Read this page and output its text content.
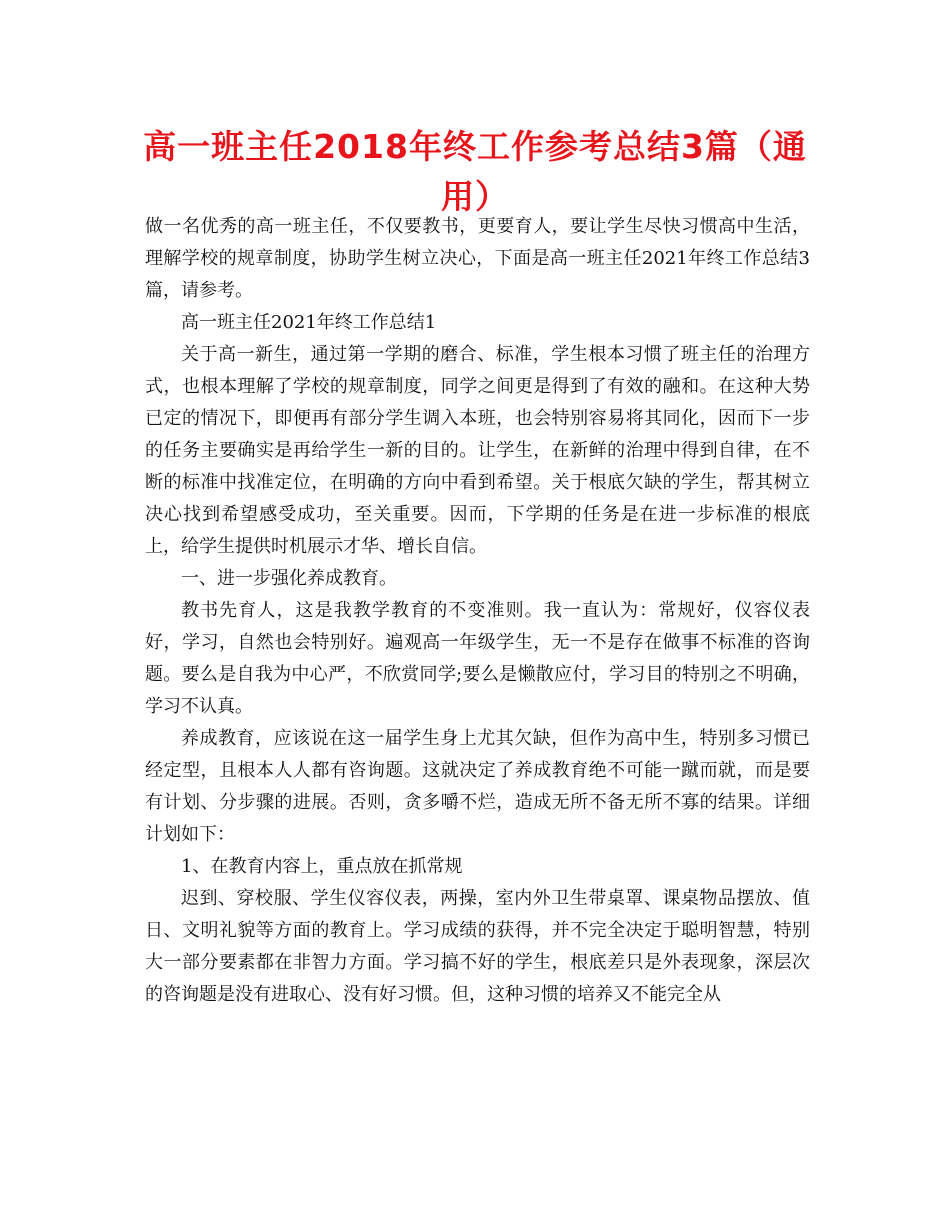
高一班主任2018年终工作参考总结3篇（通用）

做一名优秀的高一班主任，不仅要教书，更要育人，要让学生尽快习惯高中生活，理解学校的规章制度，协助学生树立决心，下面是高一班主任2021年终工作总结3篇，请参考。

高一班主任2021年终工作总结1

关于高一新生，通过第一学期的磨合、标准，学生根本习惯了班主任的治理方式，也根本理解了学校的规章制度，同学之间更是得到了有效的融和。在这种大势已定的情况下，即便再有部分学生调入本班，也会特别容易将其同化，因而下一步的任务主要确实是再给学生一新的目的。让学生，在新鲜的治理中得到自律，在不断的标准中找准定位，在明确的方向中看到希望。关于根底欠缺的学生，帮其树立决心找到希望感受成功，至关重要。因而，下学期的任务是在进一步标准的根底上，给学生提供时机展示才华、增长自信。

一、进一步强化养成教育。

教书先育人，这是我教学教育的不变准则。我一直认为：常规好，仪容仪表好，学习，自然也会特别好。遍观高一年级学生，无一不是存在做事不标准的咨询题。要么是自我为中心严，不欣赏同学;要么是懒散应付，学习目的特别之不明确，学习不认真。

养成教育，应该说在这一届学生身上尤其欠缺，但作为高中生，特别多习惯已经定型，且根本人人都有咨询题。这就决定了养成教育绝不可能一蹴而就，而是要有计划、分步骤的进展。否则，贪多嚼不烂，造成无所不备无所不寡的结果。详细计划如下：

1、在教育内容上，重点放在抓常规

迟到、穿校服、学生仪容仪表，两操，室内外卫生带桌罩、课桌物品摆放、值日、文明礼貌等方面的教育上。学习成绩的获得，并不完全决定于聪明智慧，特别大一部分要素都在非智力方面。学习搞不好的学生，根底差只是外表现象，深层次的咨询题是没有进取心、没有好习惯。但，这种习惯的培养又不能完全从
